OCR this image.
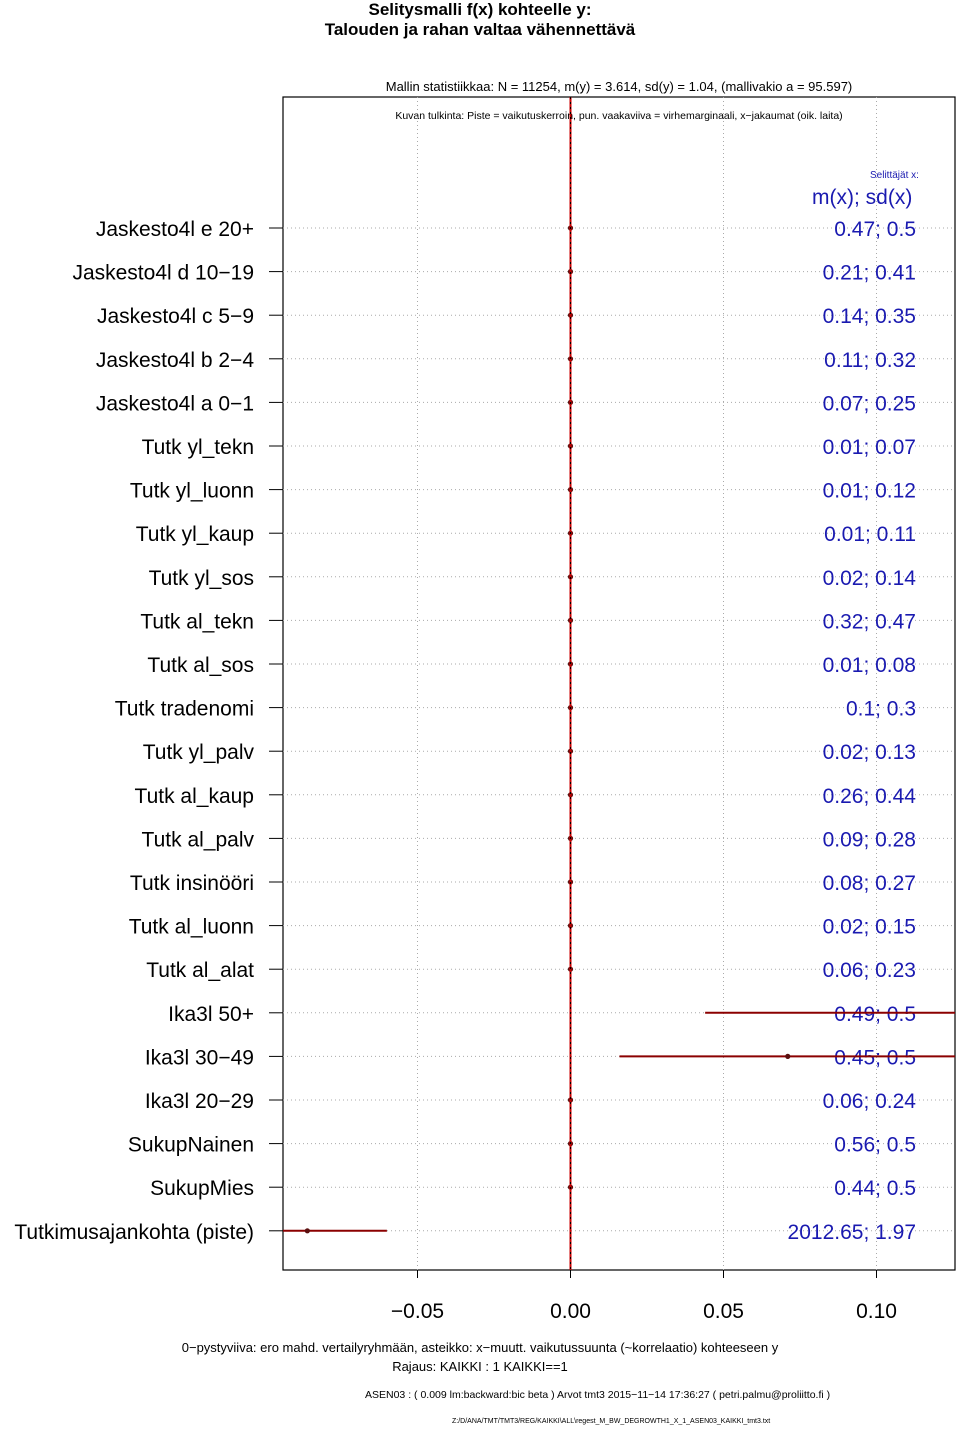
Selitysmalli f(x) kohteelle y:
Talouden ja rahan valtaa vähennettävä
Mallin statistiikkaa: N = 11254, m(y) = 3.614, sd(y) = 1.04, (mallivakio a = 95.597)
Kuvan tulkinta: Piste = vaikutuskerroin, pun. vaakaviiva = virhemarginaali, x−jakaumat (oik. laita)
−0.05	0.00	0.05	0.10
Jaskesto4l e 20+	0.47; 0.5
Jaskesto4l d 10−19	0.21; 0.41
Jaskesto4l c 5−9	0.14; 0.35
Jaskesto4l b 2−4	0.11; 0.32
Jaskesto4l a 0−1	0.07; 0.25
Tutk yl_tekn	0.01; 0.07
Tutk yl_luonn	0.01; 0.12
Tutk yl_kaup	0.01; 0.11
Tutk yl_sos	0.02; 0.14
Tutk al_tekn	0.32; 0.47
Tutk al_sos	0.01; 0.08
Tutk tradenomi	0.1; 0.3
Tutk yl_palv	0.02; 0.13
Tutk al_kaup	0.26; 0.44
Tutk al_palv	0.09; 0.28
Tutk insinööri	0.08; 0.27
Tutk al_luonn	0.02; 0.15
Tutk al_alat	0.06; 0.23
Ika3l 50+	0.49; 0.5
Ika3l 30−49	0.45; 0.5
Ika3l 20−29	0.06; 0.24
SukupNainen	0.56; 0.5
SukupMies	0.44; 0.5
Tutkimusajankohta (piste)	2012.65; 1.97
Selittäjät x:
m(x); sd(x)
0−pystyviiva: ero mahd. vertailyryhmään, asteikko: x−muutt. vaikutussuunta (~korrelaatio) kohteeseen y
Rajaus: KAIKKI : 1 KAIKKI==1
ASEN03 : ( 0.009 lm:backward:bic beta ) Arvot tmt3 2015−11−14 17:36:27 ( petri.palmu@proliitto.fi )
Z:/D/ANA/TMT/TMT3/REG/KAIKKI\ALL\regest_M_BW_DEGROWTH1_X_1_ASEN03_KAIKKI_tmt3.txt
